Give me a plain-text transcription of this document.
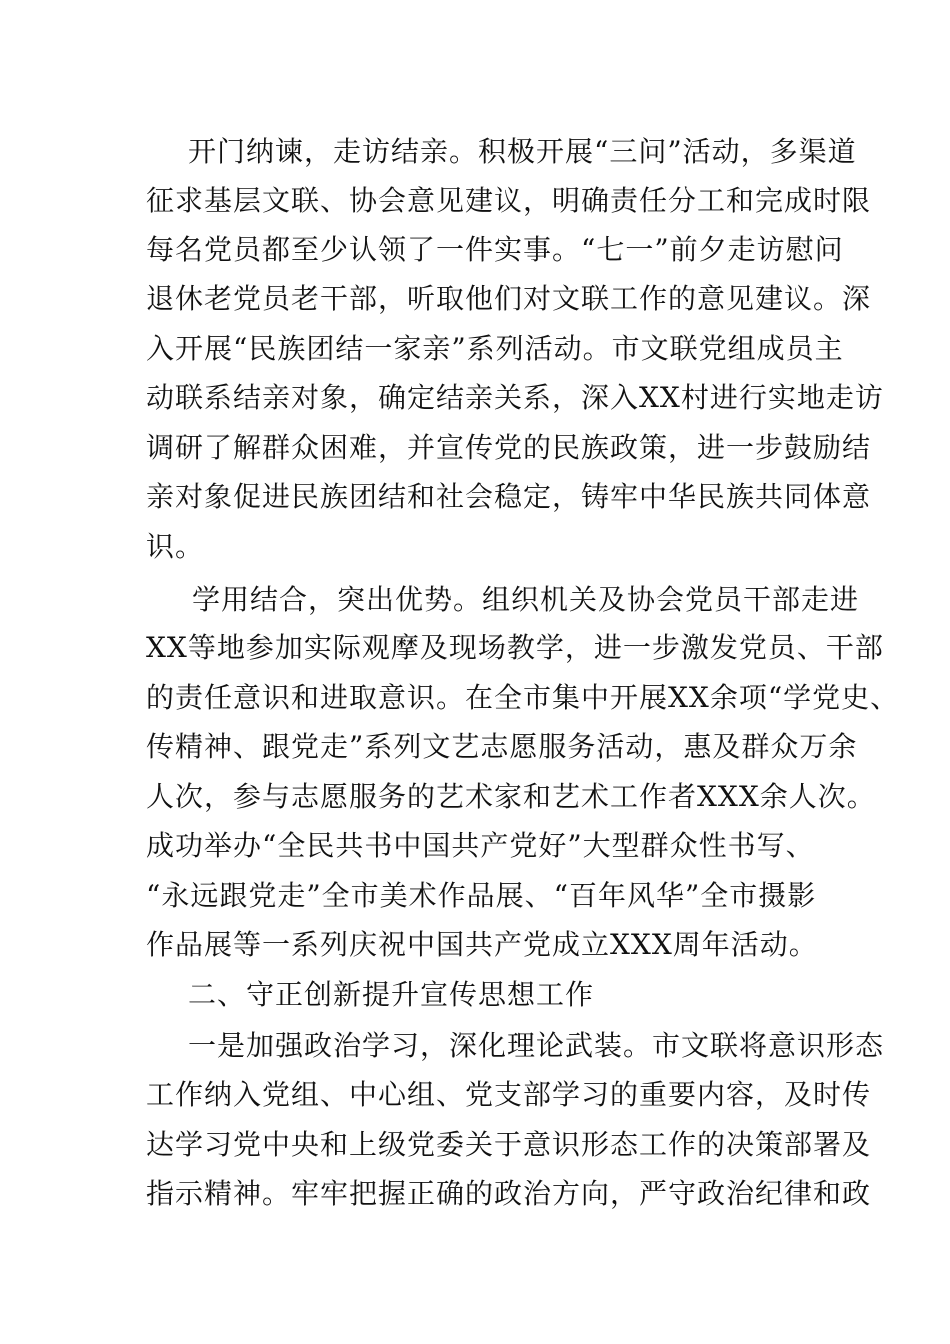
开门纳谏，走访结亲。积极开展“三问”活动，多渠道
征求基层文联、协会意见建议，明确责任分工和完成时限
每名党员都至少认领了一件实事。“七一”前夕走访慰问
退休老党员老干部，听取他们对文联工作的意见建议。深
入开展“民族团结一家亲”系列活动。市文联党组成员主
动联系结亲对象，确定结亲关系，深入XX村进行实地走访
调研了解群众困难，并宣传党的民族政策，进一步鼓励结
亲对象促进民族团结和社会稳定，铸牢中华民族共同体意
识。
学用结合，突出优势。组织机关及协会党员干部走进
XX等地参加实际观摩及现场教学，进一步激发党员、干部
的责任意识和进取意识。在全市集中开展XX余项“学党史、
传精神、跟党走”系列文艺志愿服务活动，惠及群众万余
人次，参与志愿服务的艺术家和艺术工作者XXX余人次。
成功举办“全民共书中国共产党好”大型群众性书写、
“永远跟党走”全市美术作品展、“百年风华”全市摄影
作品展等一系列庆祝中国共产党成立XXX周年活动。
二、守正创新提升宣传思想工作
一是加强政治学习，深化理论武装。市文联将意识形态
工作纳入党组、中心组、党支部学习的重要内容，及时传
达学习党中央和上级党委关于意识形态工作的决策部署及
指示精神。牢牢把握正确的政治方向，严守政治纪律和政
